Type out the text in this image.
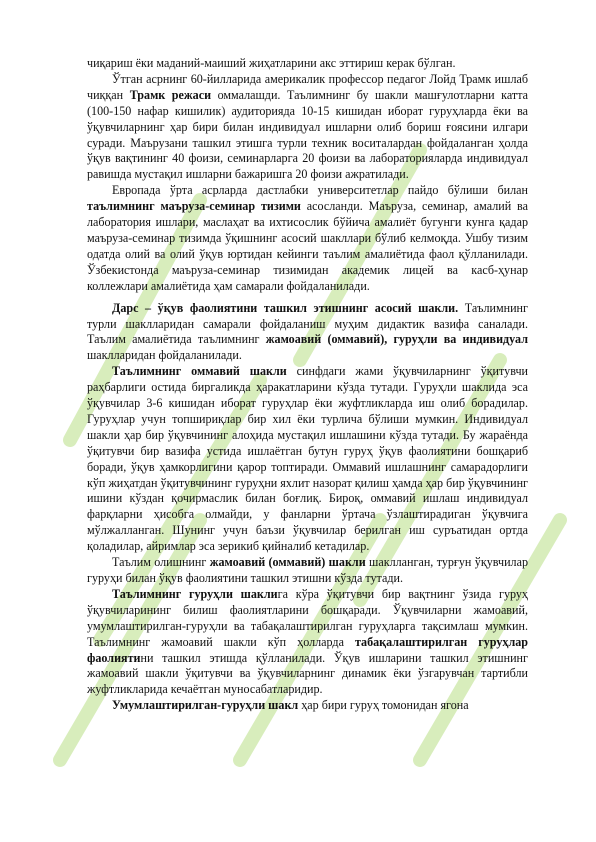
чиқариш ёки маданий-маиший жиҳатларини акс эттириш керак бўлган.

Ўтган асрнинг 60-йилларида америкалик профессор педагог Лойд Трамк ишлаб чиққан Трамк режаси оммалашди. Таълимнинг бу шакли машғулотларни катта (100-150 нафар кишилик) аудиторияда 10-15 кишидан иборат гуруҳларда ёки ва ўқувчиларнинг ҳар бири билан индивидуал ишларни олиб бориш ғоясини илгари суради. Маърузани ташкил этишга турли техник воситалардан фойдаланган ҳолда ўқув вақтининг 40 фоизи, семинарларга 20 фоизи ва лабораторияларда индивидуал равишда мустақил ишларни бажаришга 20 фоизи ажратилади.

Европада ўрта асрларда дастлабки университетлар пайдо бўлиши билан таълимнинг маъруза-семинар тизими асосланди. Маъруза, семинар, амалий ва лаборатория ишлари, маслаҳат ва ихтисослик бўйича амалиёт бугунги кунга қадар маъруза-семинар тизимда ўқишнинг асосий шакллари бўлиб келмоқда. Ушбу тизим одатда олий ва олий ўқув юртидан кейинги таълим амалиётида фаол қўлланилади. Ўзбекистонда маъруза-семинар тизимидан академик лицей ва касб-ҳунар коллежлари амалиётида ҳам самарали фойдаланилади.

Дарс – ўқув фаолиятини ташкил этишнинг асосий шакли. Таълимнинг турли шаклларидан самарали фойдаланиш муҳим дидактик вазифа саналади. Таълим амалиётида таълимнинг жамоавий (оммавий), гуруҳли ва индивидуал шаклларидан фойдаланилади.

Таълимнинг оммавий шакли синфдаги жами ўқувчиларнинг ўқитувчи раҳбарлиги остида биргаликда ҳаракатларини кўзда тутади. Гуруҳли шаклида эса ўқувчилар 3-6 кишидан иборат гуруҳлар ёки жуфтликларда иш олиб борадилар. Гуруҳлар учун топшириқлар бир хил ёки турлича бўлиши мумкин. Индивидуал шакли ҳар бир ўқувчининг алоҳида мустақил ишлашини кўзда тутади. Бу жараёнда ўқитувчи бир вазифа устида ишлаётган бутун гуруҳ ўқув фаолиятини бошқариб боради, ўқув ҳамкорлигини қарор топтиради. Оммавий ишлашнинг самарадорлиги кўп жиҳатдан ўқитувчининг гуруҳни яхлит назорат қилиш ҳамда ҳар бир ўқувчининг ишини кўздан қочирмаслик билан боғлиқ. Бироқ, оммавий ишлаш индивидуал фарқларни ҳисобга олмайди, у фанларни ўртача ўзлаштирадиган ўқувчига мўлжалланган. Шунинг учун баъзи ўқувчилар берилган иш суръатидан ортда қоладилар, айримлар эса зерикиб қийналиб кетадилар.

Таълим олишнинг жамоавий (оммавий) шакли шаклланган, турғун ўқувчилар гуруҳи билан ўқув фаолиятини ташкил этишни кўзда тутади.

Таълимнинг гуруҳли шаклига кўра ўқитувчи бир вақтнинг ўзида гуруҳ ўқувчиларининг билиш фаолиятларини бошқаради. Ўқувчиларни жамоавий, умумлаштирилган-гуруҳли ва табақалаштирилган гуруҳларга тақсимлаш мумкин. Таълимнинг жамоавий шакли кўп ҳолларда табақалаштирилган гуруҳлар фаолиятини ташкил этишда қўлланилади. Ўқув ишларини ташкил этишнинг жамоавий шакли ўқитувчи ва ўқувчиларнинг динамик ёки ўзгарувчан тартибли жуфтликларида кечаётган муносабатларидир.

Умумлаштирилган-гуруҳли шакл ҳар бири гуруҳ томонидан ягона
